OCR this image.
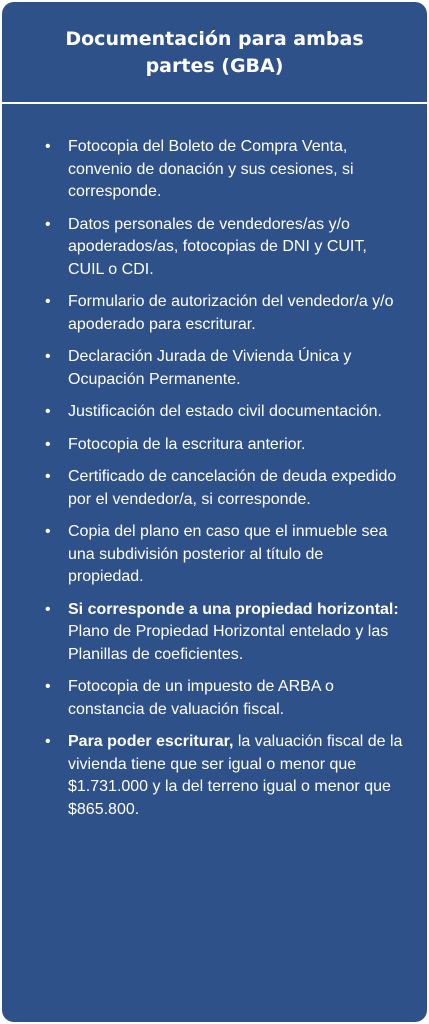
Documentación para ambas partes (GBA)
• Fotocopia del Boleto de Compra Venta, convenio de donación y sus cesiones, si corresponde.
• Datos personales de vendedores/as y/o apoderados/as, fotocopias de DNI y CUIT, CUIL o CDI.
• Formulario de autorización del vendedor/a y/o apoderado para escriturar.
• Declaración Jurada de Vivienda Única y Ocupación Permanente.
• Justificación del estado civil documentación.
• Fotocopia de la escritura anterior.
• Certificado de cancelación de deuda expedido por el vendedor/a, si corresponde.
• Copia del plano en caso que el inmueble sea una subdivisión posterior al título de propiedad.
• Si corresponde a una propiedad horizontal: Plano de Propiedad Horizontal entelado y las Planillas de coeficientes.
• Fotocopia de un impuesto de ARBA o constancia de valuación fiscal.
• Para poder escriturar, la valuación fiscal de la vivienda tiene que ser igual o menor que $1.731.000 y la del terreno igual o menor que $865.800.
